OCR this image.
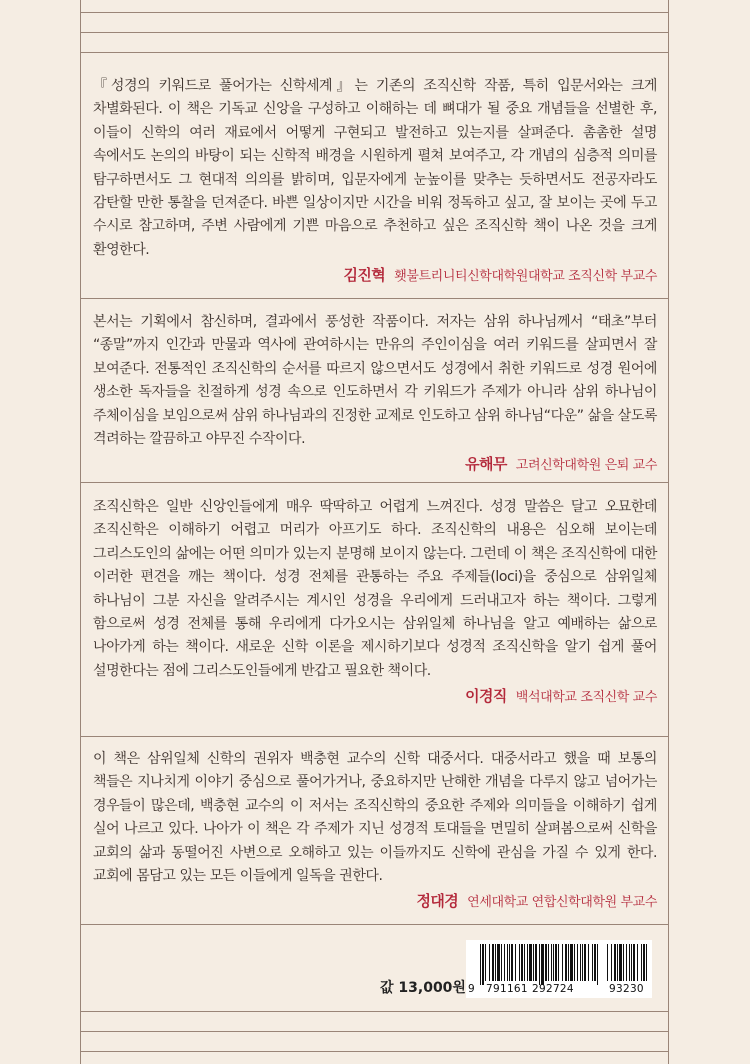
『성경의 키워드로 풀어가는 신학세계』는 기존의 조직신학 작품, 특히 입문서와는 크게 차별화된다. 이 책은 기독교 신앙을 구성하고 이해하는 데 뼈대가 될 중요 개념들을 선별한 후, 이들이 신학의 여러 재료에서 어떻게 구현되고 발전하고 있는지를 살펴준다. 촘촘한 설명 속에서도 논의의 바탕이 되는 신학적 배경을 시원하게 펼쳐 보여주고, 각 개념의 심층적 의미를 탐구하면서도 그 현대적 의의를 밝히며, 입문자에게 눈높이를 맞추는 듯하면서도 전공자라도 감탄할 만한 통찰을 던져준다. 바쁜 일상이지만 시간을 비워 정독하고 싶고, 잘 보이는 곳에 두고 수시로 참고하며, 주변 사람에게 기쁜 마음으로 추천하고 싶은 조직신학 책이 나온 것을 크게 환영한다.

김진혁 횃불트리니티신학대학원대학교 조직신학 부교수

본서는 기획에서 참신하며, 결과에서 풍성한 작품이다. 저자는 삼위 하나님께서 “태초”부터 “종말”까지 인간과 만물과 역사에 관여하시는 만유의 주인이심을 여러 키워드를 살피면서 잘 보여준다. 전통적인 조직신학의 순서를 따르지 않으면서도 성경에서 취한 키워드로 성경 원어에 생소한 독자들을 친절하게 성경 속으로 인도하면서 각 키워드가 주제가 아니라 삼위 하나님이 주체이심을 보임으로써 삼위 하나님과의 진정한 교제로 인도하고 삼위 하나님“다운” 삶을 살도록 격려하는 깔끔하고 야무진 수작이다.

유해무 고려신학대학원 은퇴 교수

조직신학은 일반 신앙인들에게 매우 딱딱하고 어렵게 느껴진다. 성경 말씀은 달고 오묘한데 조직신학은 이해하기 어렵고 머리가 아프기도 하다. 조직신학의 내용은 심오해 보이는데 그리스도인의 삶에는 어떤 의미가 있는지 분명해 보이지 않는다. 그런데 이 책은 조직신학에 대한 이러한 편견을 깨는 책이다. 성경 전체를 관통하는 주요 주제들(loci)을 중심으로 삼위일체 하나님이 그분 자신을 알려주시는 계시인 성경을 우리에게 드러내고자 하는 책이다. 그렇게 함으로써 성경 전체를 통해 우리에게 다가오시는 삼위일체 하나님을 알고 예배하는 삶으로 나아가게 하는 책이다. 새로운 신학 이론을 제시하기보다 성경적 조직신학을 알기 쉽게 풀어 설명한다는 점에 그리스도인들에게 반갑고 필요한 책이다.

이경직 백석대학교 조직신학 교수

이 책은 삼위일체 신학의 권위자 백충현 교수의 신학 대중서다. 대중서라고 했을 때 보통의 책들은 지나치게 이야기 중심으로 풀어가거나, 중요하지만 난해한 개념을 다루지 않고 넘어가는 경우들이 많은데, 백충현 교수의 이 저서는 조직신학의 중요한 주제와 의미들을 이해하기 쉽게 실어 나르고 있다. 나아가 이 책은 각 주제가 지닌 성경적 토대들을 면밀히 살펴봄으로써 신학을 교회의 삶과 동떨어진 사변으로 오해하고 있는 이들까지도 신학에 관심을 가질 수 있게 한다. 교회에 몸담고 있는 모든 이들에게 일독을 권한다.

정대경 연세대학교 연합신학대학원 부교수
값 13,000원 9 791161 292724	93230
